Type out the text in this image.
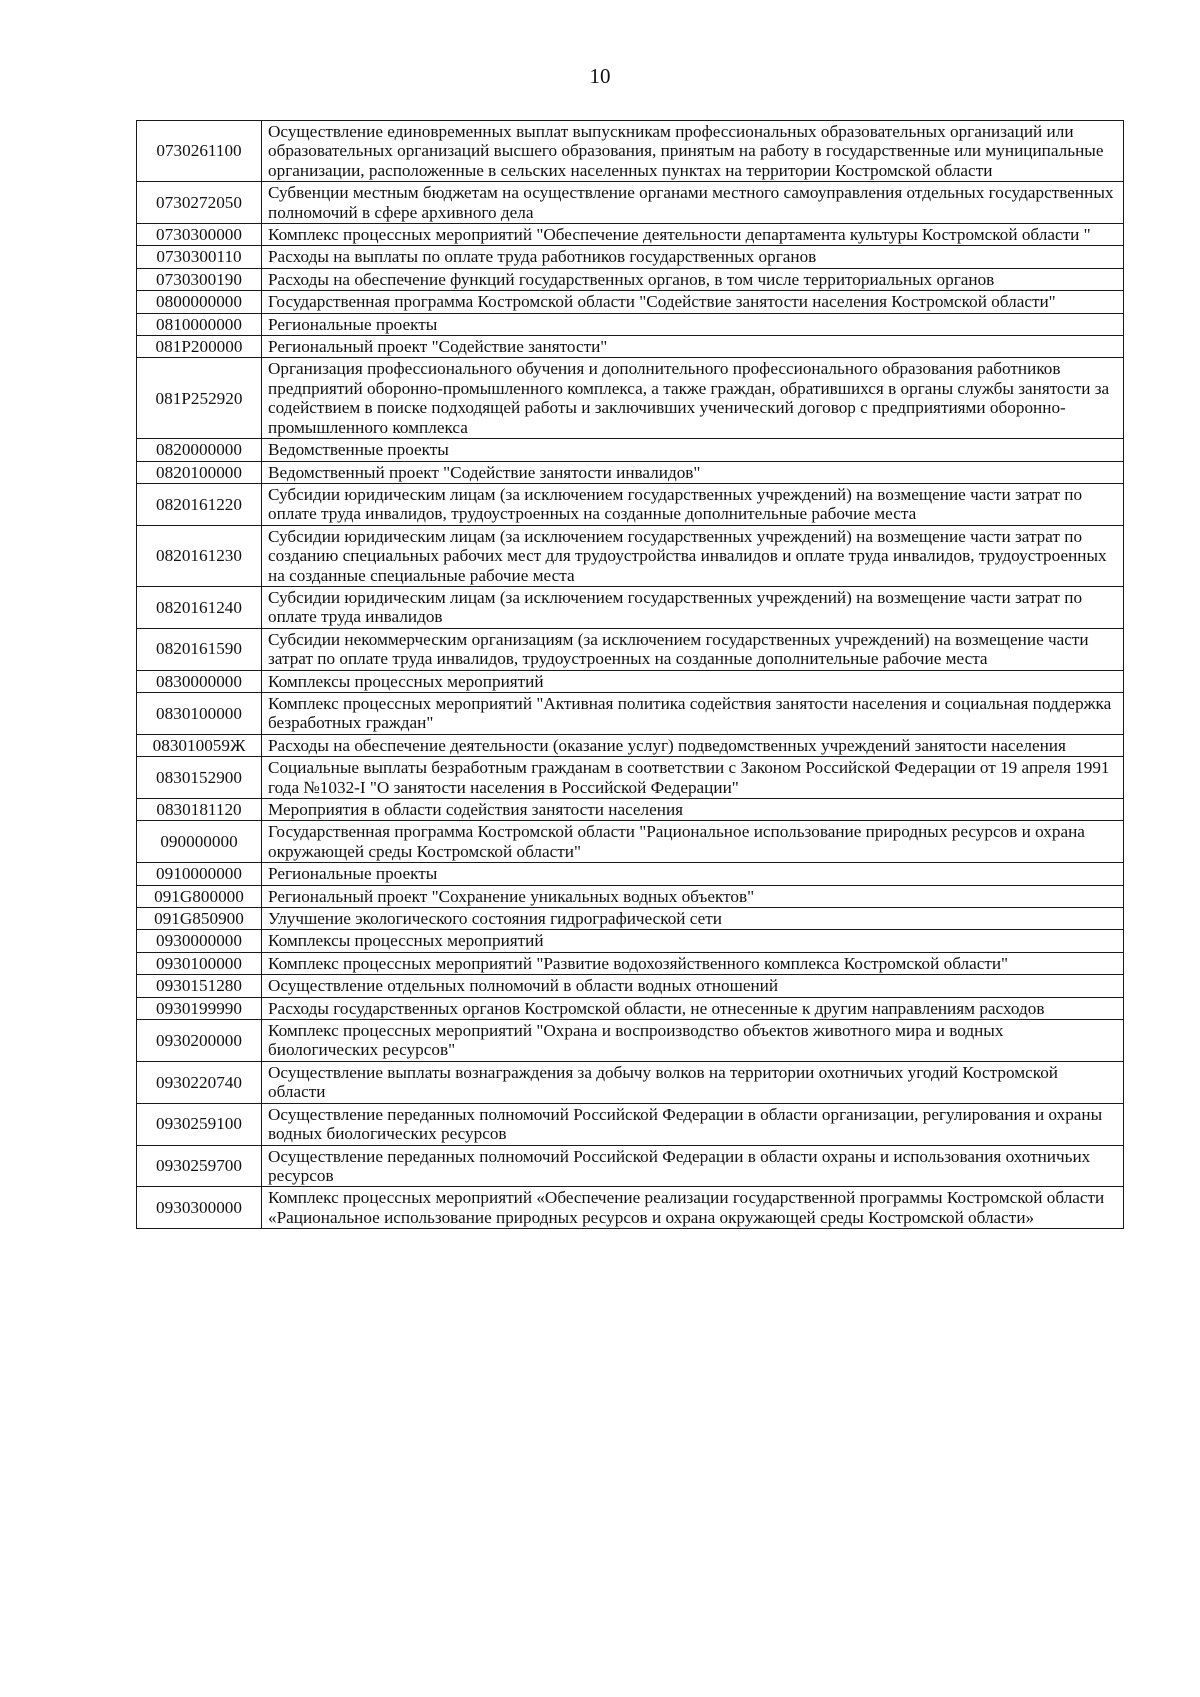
10
0730261100	Осуществление единовременных выплат выпускникам профессиональных образовательных организаций или образовательных организаций высшего образования, принятым на работу в государственные или муниципальные организации, расположенные в сельских населенных пунктах на территории Костромской области
0730272050	Субвенции местным бюджетам на осуществление органами местного самоуправления отдельных государственных полномочий в сфере архивного дела
0730300000	Комплекс процессных мероприятий "Обеспечение деятельности департамента культуры Костромской области "
0730300110	Расходы на выплаты по оплате труда работников государственных органов
0730300190	Расходы на обеспечение функций государственных органов, в том числе территориальных органов
0800000000	Государственная программа Костромской области "Содействие занятости населения Костромской области"
0810000000	Региональные проекты
081P200000	Региональный проект "Содействие занятости"
081P252920	Организация профессионального обучения и дополнительного профессионального образования работников предприятий оборонно-промышленного комплекса, а также граждан, обратившихся в органы службы занятости за содействием в поиске подходящей работы и заключивших ученический договор с предприятиями оборонно-промышленного комплекса
0820000000	Ведомственные проекты
0820100000	Ведомственный проект "Содействие занятости инвалидов"
0820161220	Субсидии юридическим лицам (за исключением государственных учреждений) на возмещение части затрат по оплате труда инвалидов, трудоустроенных на созданные дополнительные рабочие места
0820161230	Субсидии юридическим лицам (за исключением государственных учреждений) на возмещение части затрат по созданию специальных рабочих мест для трудоустройства инвалидов и оплате труда инвалидов, трудоустроенных на созданные специальные рабочие места
0820161240	Субсидии юридическим лицам (за исключением государственных учреждений) на возмещение части затрат по оплате труда инвалидов
0820161590	Субсидии некоммерческим организациям (за исключением государственных учреждений) на возмещение части затрат по оплате труда инвалидов, трудоустроенных на созданные дополнительные рабочие места
0830000000	Комплексы процессных мероприятий
0830100000	Комплекс процессных мероприятий "Активная политика содействия занятости населения и социальная поддержка безработных граждан"
083010059Ж	Расходы на обеспечение деятельности (оказание услуг) подведомственных учреждений занятости населения
0830152900	Социальные выплаты безработным гражданам в соответствии с Законом Российской Федерации от 19 апреля 1991 года №1032-I "О занятости населения в Российской Федерации"
0830181120	Мероприятия в области содействия занятости населения
090000000	Государственная программа Костромской области "Рациональное использование природных ресурсов и охрана окружающей среды Костромской области"
0910000000	Региональные проекты
091G800000	Региональный проект "Сохранение уникальных водных объектов"
091G850900	Улучшение экологического состояния гидрографической сети
0930000000	Комплексы процессных мероприятий
0930100000	Комплекс процессных мероприятий "Развитие водохозяйственного комплекса Костромской области"
0930151280	Осуществление отдельных полномочий в области водных отношений
0930199990	Расходы государственных органов Костромской области, не отнесенные к другим направлениям расходов
0930200000	Комплекс процессных мероприятий "Охрана и воспроизводство объектов животного мира и водных биологических ресурсов"
0930220740	Осуществление выплаты вознаграждения за добычу волков на территории охотничьих угодий Костромской области
0930259100	Осуществление переданных полномочий Российской Федерации в области организации, регулирования и охраны водных биологических ресурсов
0930259700	Осуществление переданных полномочий Российской Федерации в области охраны и использования охотничьих ресурсов
0930300000	Комплекс процессных мероприятий «Обеспечение реализации государственной программы Костромской области «Рациональное использование природных ресурсов и охрана окружающей среды Костромской области»
